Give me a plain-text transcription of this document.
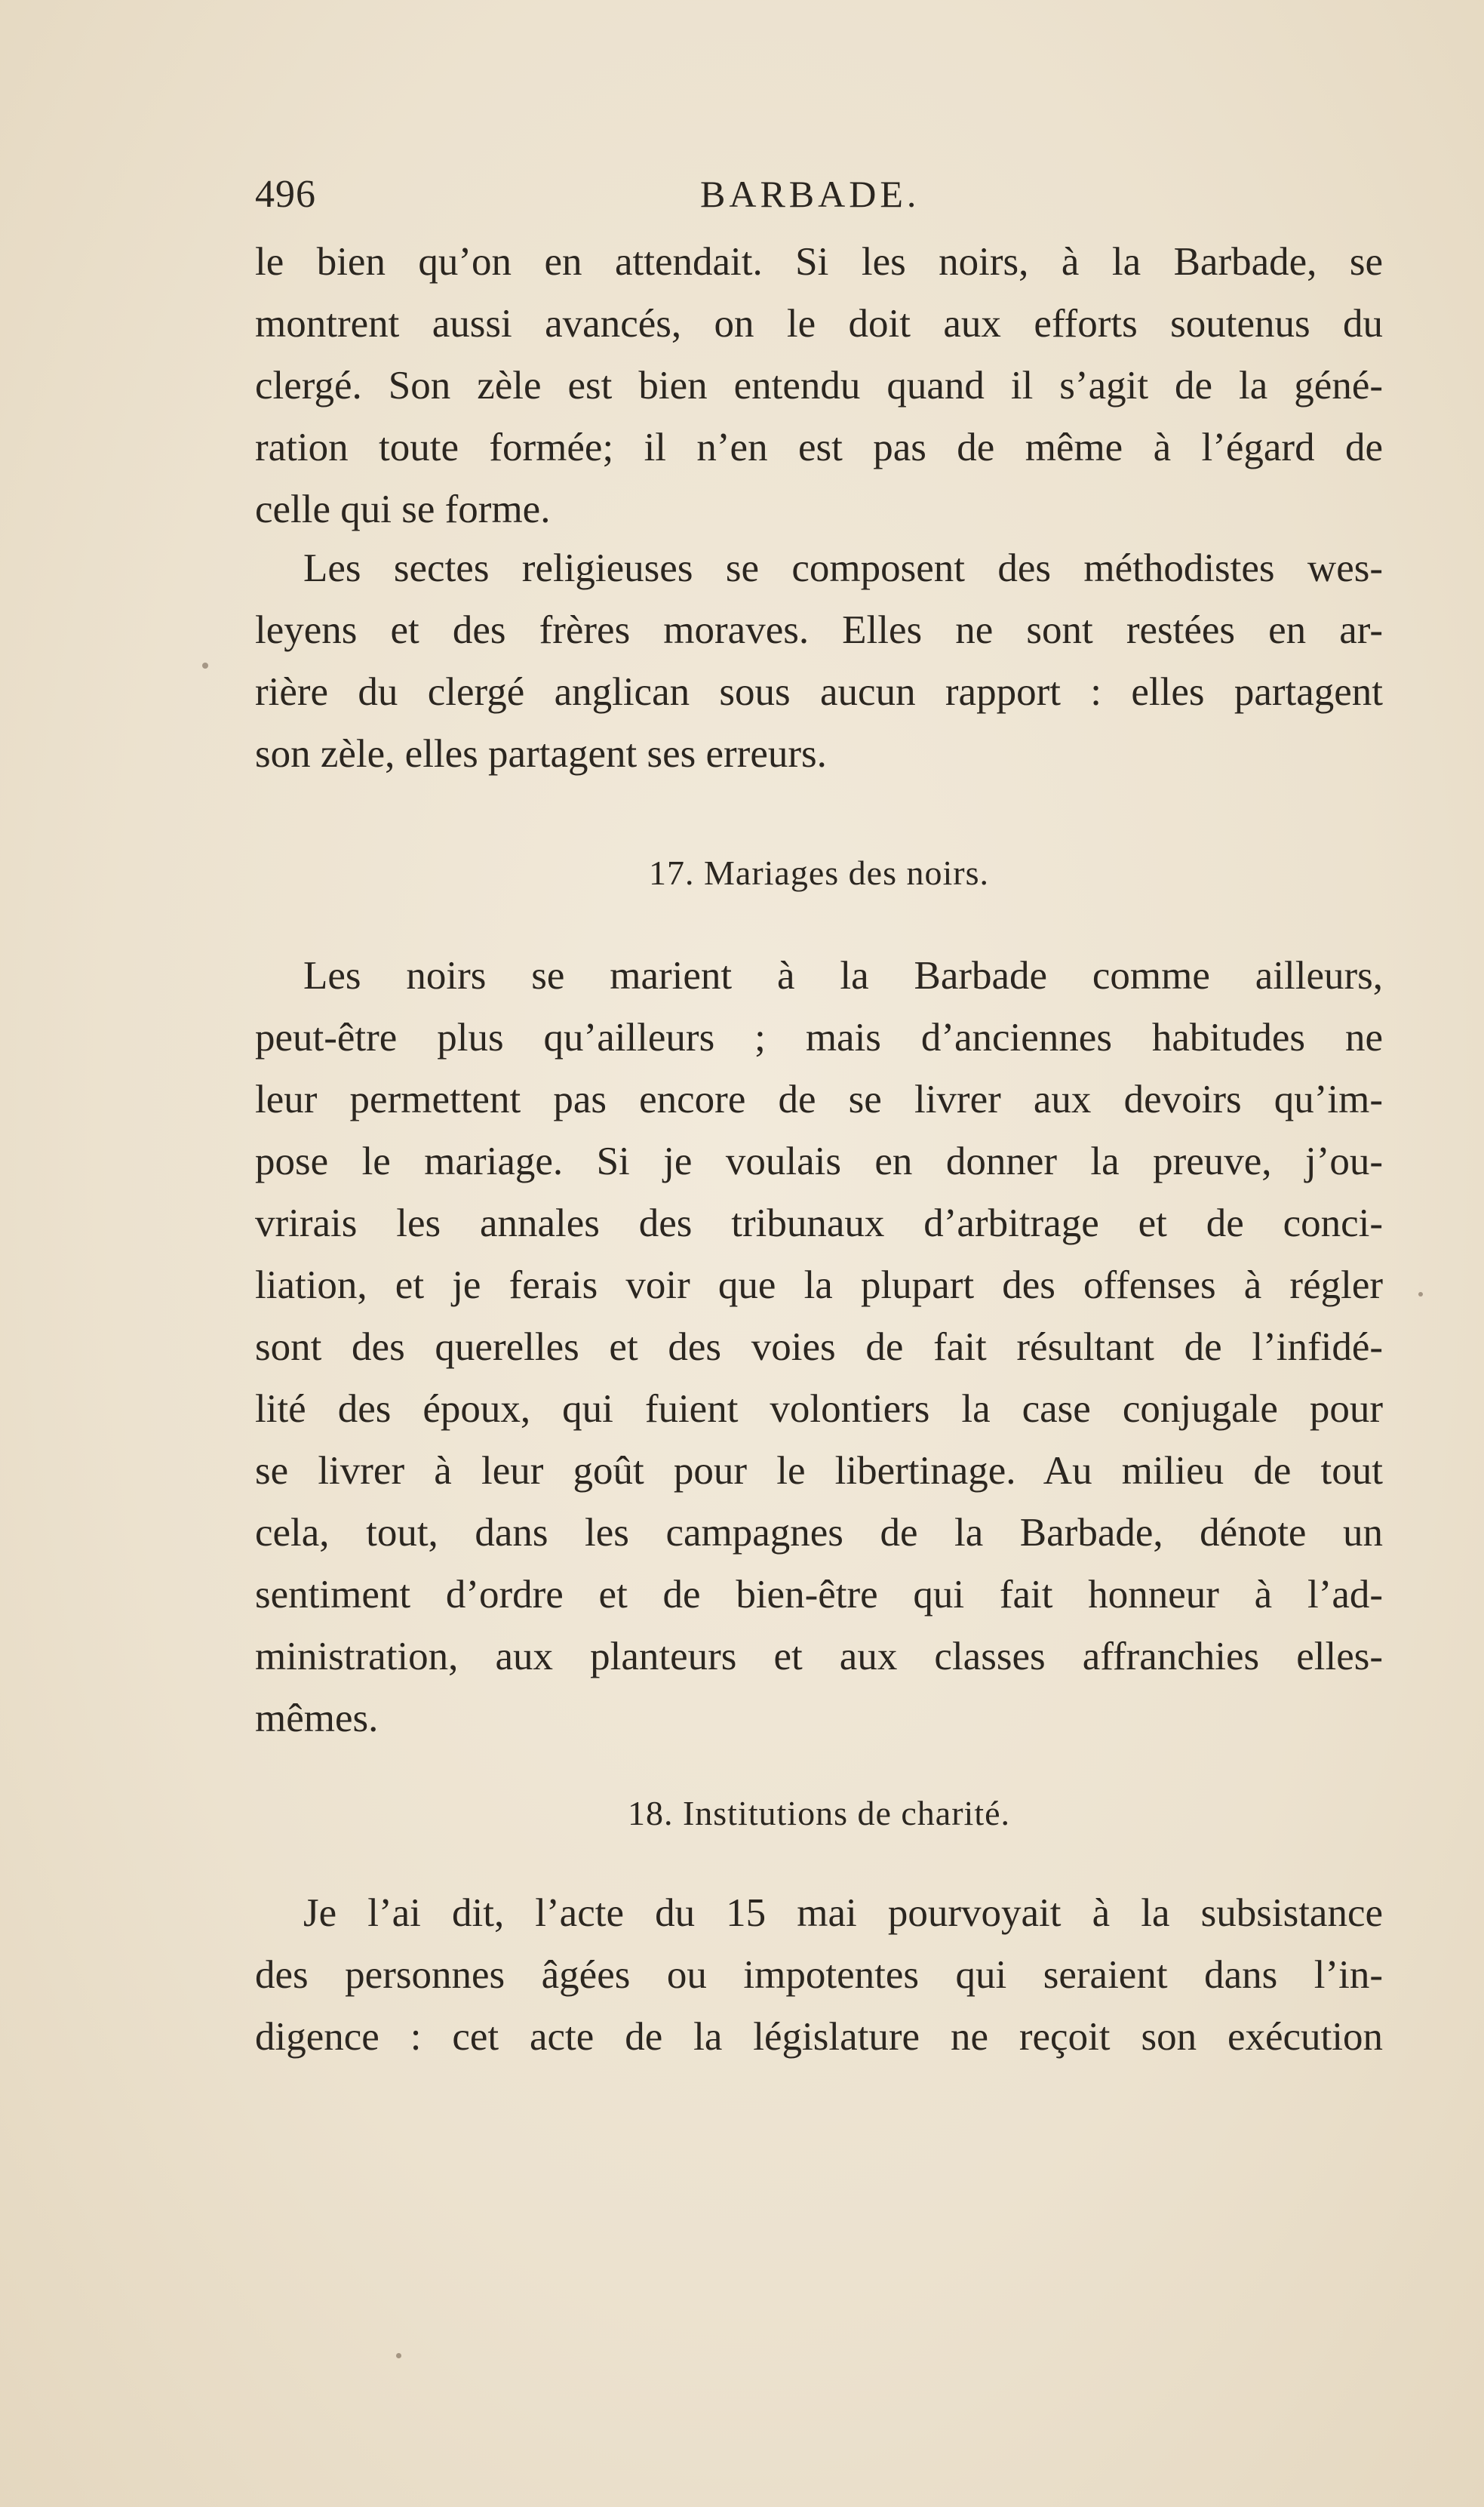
496	BARBADE.
le bien qu’on en attendait. Si les noirs, à la Barbade, se
montrent aussi avancés, on le doit aux efforts soutenus du
clergé. Son zèle est bien entendu quand il s’agit de la géné-
ration toute formée; il n’en est pas de même à l’égard de
celle qui se forme.
Les sectes religieuses se composent des méthodistes wes-
leyens et des frères moraves. Elles ne sont restées en ar-
rière du clergé anglican sous aucun rapport : elles partagent
son zèle, elles partagent ses erreurs.
17. Mariages des noirs.
Les noirs se marient à la Barbade comme ailleurs,
peut-être plus qu’ailleurs ; mais d’anciennes habitudes ne
leur permettent pas encore de se livrer aux devoirs qu’im-
pose le mariage. Si je voulais en donner la preuve, j’ou-
vrirais les annales des tribunaux d’arbitrage et de conci-
liation, et je ferais voir que la plupart des offenses à régler
sont des querelles et des voies de fait résultant de l’infidé-
lité des époux, qui fuient volontiers la case conjugale pour
se livrer à leur goût pour le libertinage. Au milieu de tout
cela, tout, dans les campagnes de la Barbade, dénote un
sentiment d’ordre et de bien-être qui fait honneur à l’ad-
ministration, aux planteurs et aux classes affranchies elles-
mêmes.
18. Institutions de charité.
Je l’ai dit, l’acte du 15 mai pourvoyait à la subsistance
des personnes âgées ou impotentes qui seraient dans l’in-
digence : cet acte de la législature ne reçoit son exécution
